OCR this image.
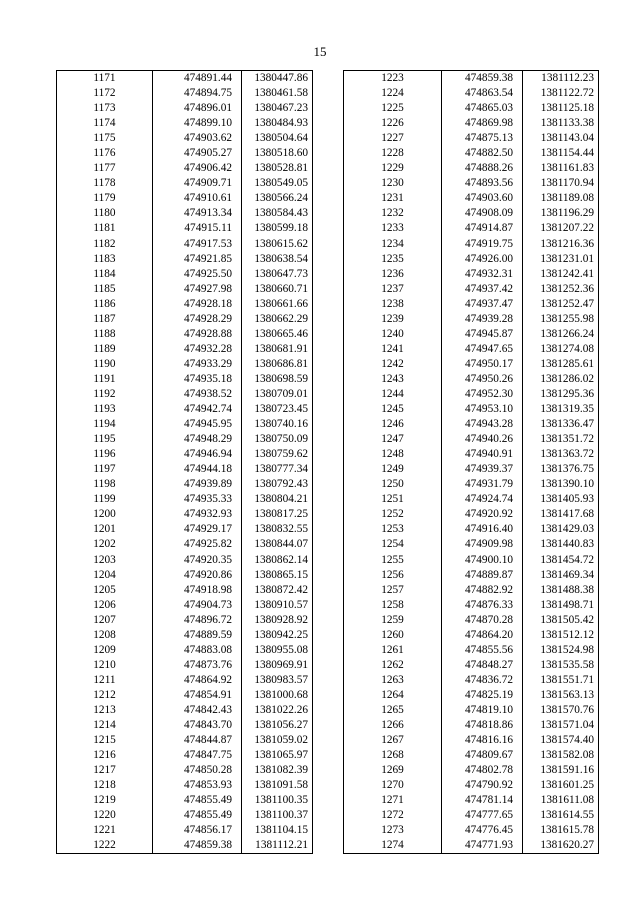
15
1171	474891.44	1380447.86
1172	474894.75	1380461.58
1173	474896.01	1380467.23
1174	474899.10	1380484.93
1175	474903.62	1380504.64
1176	474905.27	1380518.60
1177	474906.42	1380528.81
1178	474909.71	1380549.05
1179	474910.61	1380566.24
1180	474913.34	1380584.43
1181	474915.11	1380599.18
1182	474917.53	1380615.62
1183	474921.85	1380638.54
1184	474925.50	1380647.73
1185	474927.98	1380660.71
1186	474928.18	1380661.66
1187	474928.29	1380662.29
1188	474928.88	1380665.46
1189	474932.28	1380681.91
1190	474933.29	1380686.81
1191	474935.18	1380698.59
1192	474938.52	1380709.01
1193	474942.74	1380723.45
1194	474945.95	1380740.16
1195	474948.29	1380750.09
1196	474946.94	1380759.62
1197	474944.18	1380777.34
1198	474939.89	1380792.43
1199	474935.33	1380804.21
1200	474932.93	1380817.25
1201	474929.17	1380832.55
1202	474925.82	1380844.07
1203	474920.35	1380862.14
1204	474920.86	1380865.15
1205	474918.98	1380872.42
1206	474904.73	1380910.57
1207	474896.72	1380928.92
1208	474889.59	1380942.25
1209	474883.08	1380955.08
1210	474873.76	1380969.91
1211	474864.92	1380983.57
1212	474854.91	1381000.68
1213	474842.43	1381022.26
1214	474843.70	1381056.27
1215	474844.87	1381059.02
1216	474847.75	1381065.97
1217	474850.28	1381082.39
1218	474853.93	1381091.58
1219	474855.49	1381100.35
1220	474855.49	1381100.37
1221	474856.17	1381104.15
1222	474859.38	1381112.21
1223	474859.38	1381112.23
1224	474863.54	1381122.72
1225	474865.03	1381125.18
1226	474869.98	1381133.38
1227	474875.13	1381143.04
1228	474882.50	1381154.44
1229	474888.26	1381161.83
1230	474893.56	1381170.94
1231	474903.60	1381189.08
1232	474908.09	1381196.29
1233	474914.87	1381207.22
1234	474919.75	1381216.36
1235	474926.00	1381231.01
1236	474932.31	1381242.41
1237	474937.42	1381252.36
1238	474937.47	1381252.47
1239	474939.28	1381255.98
1240	474945.87	1381266.24
1241	474947.65	1381274.08
1242	474950.17	1381285.61
1243	474950.26	1381286.02
1244	474952.30	1381295.36
1245	474953.10	1381319.35
1246	474943.28	1381336.47
1247	474940.26	1381351.72
1248	474940.91	1381363.72
1249	474939.37	1381376.75
1250	474931.79	1381390.10
1251	474924.74	1381405.93
1252	474920.92	1381417.68
1253	474916.40	1381429.03
1254	474909.98	1381440.83
1255	474900.10	1381454.72
1256	474889.87	1381469.34
1257	474882.92	1381488.38
1258	474876.33	1381498.71
1259	474870.28	1381505.42
1260	474864.20	1381512.12
1261	474855.56	1381524.98
1262	474848.27	1381535.58
1263	474836.72	1381551.71
1264	474825.19	1381563.13
1265	474819.10	1381570.76
1266	474818.86	1381571.04
1267	474816.16	1381574.40
1268	474809.67	1381582.08
1269	474802.78	1381591.16
1270	474790.92	1381601.25
1271	474781.14	1381611.08
1272	474777.65	1381614.55
1273	474776.45	1381615.78
1274	474771.93	1381620.27
